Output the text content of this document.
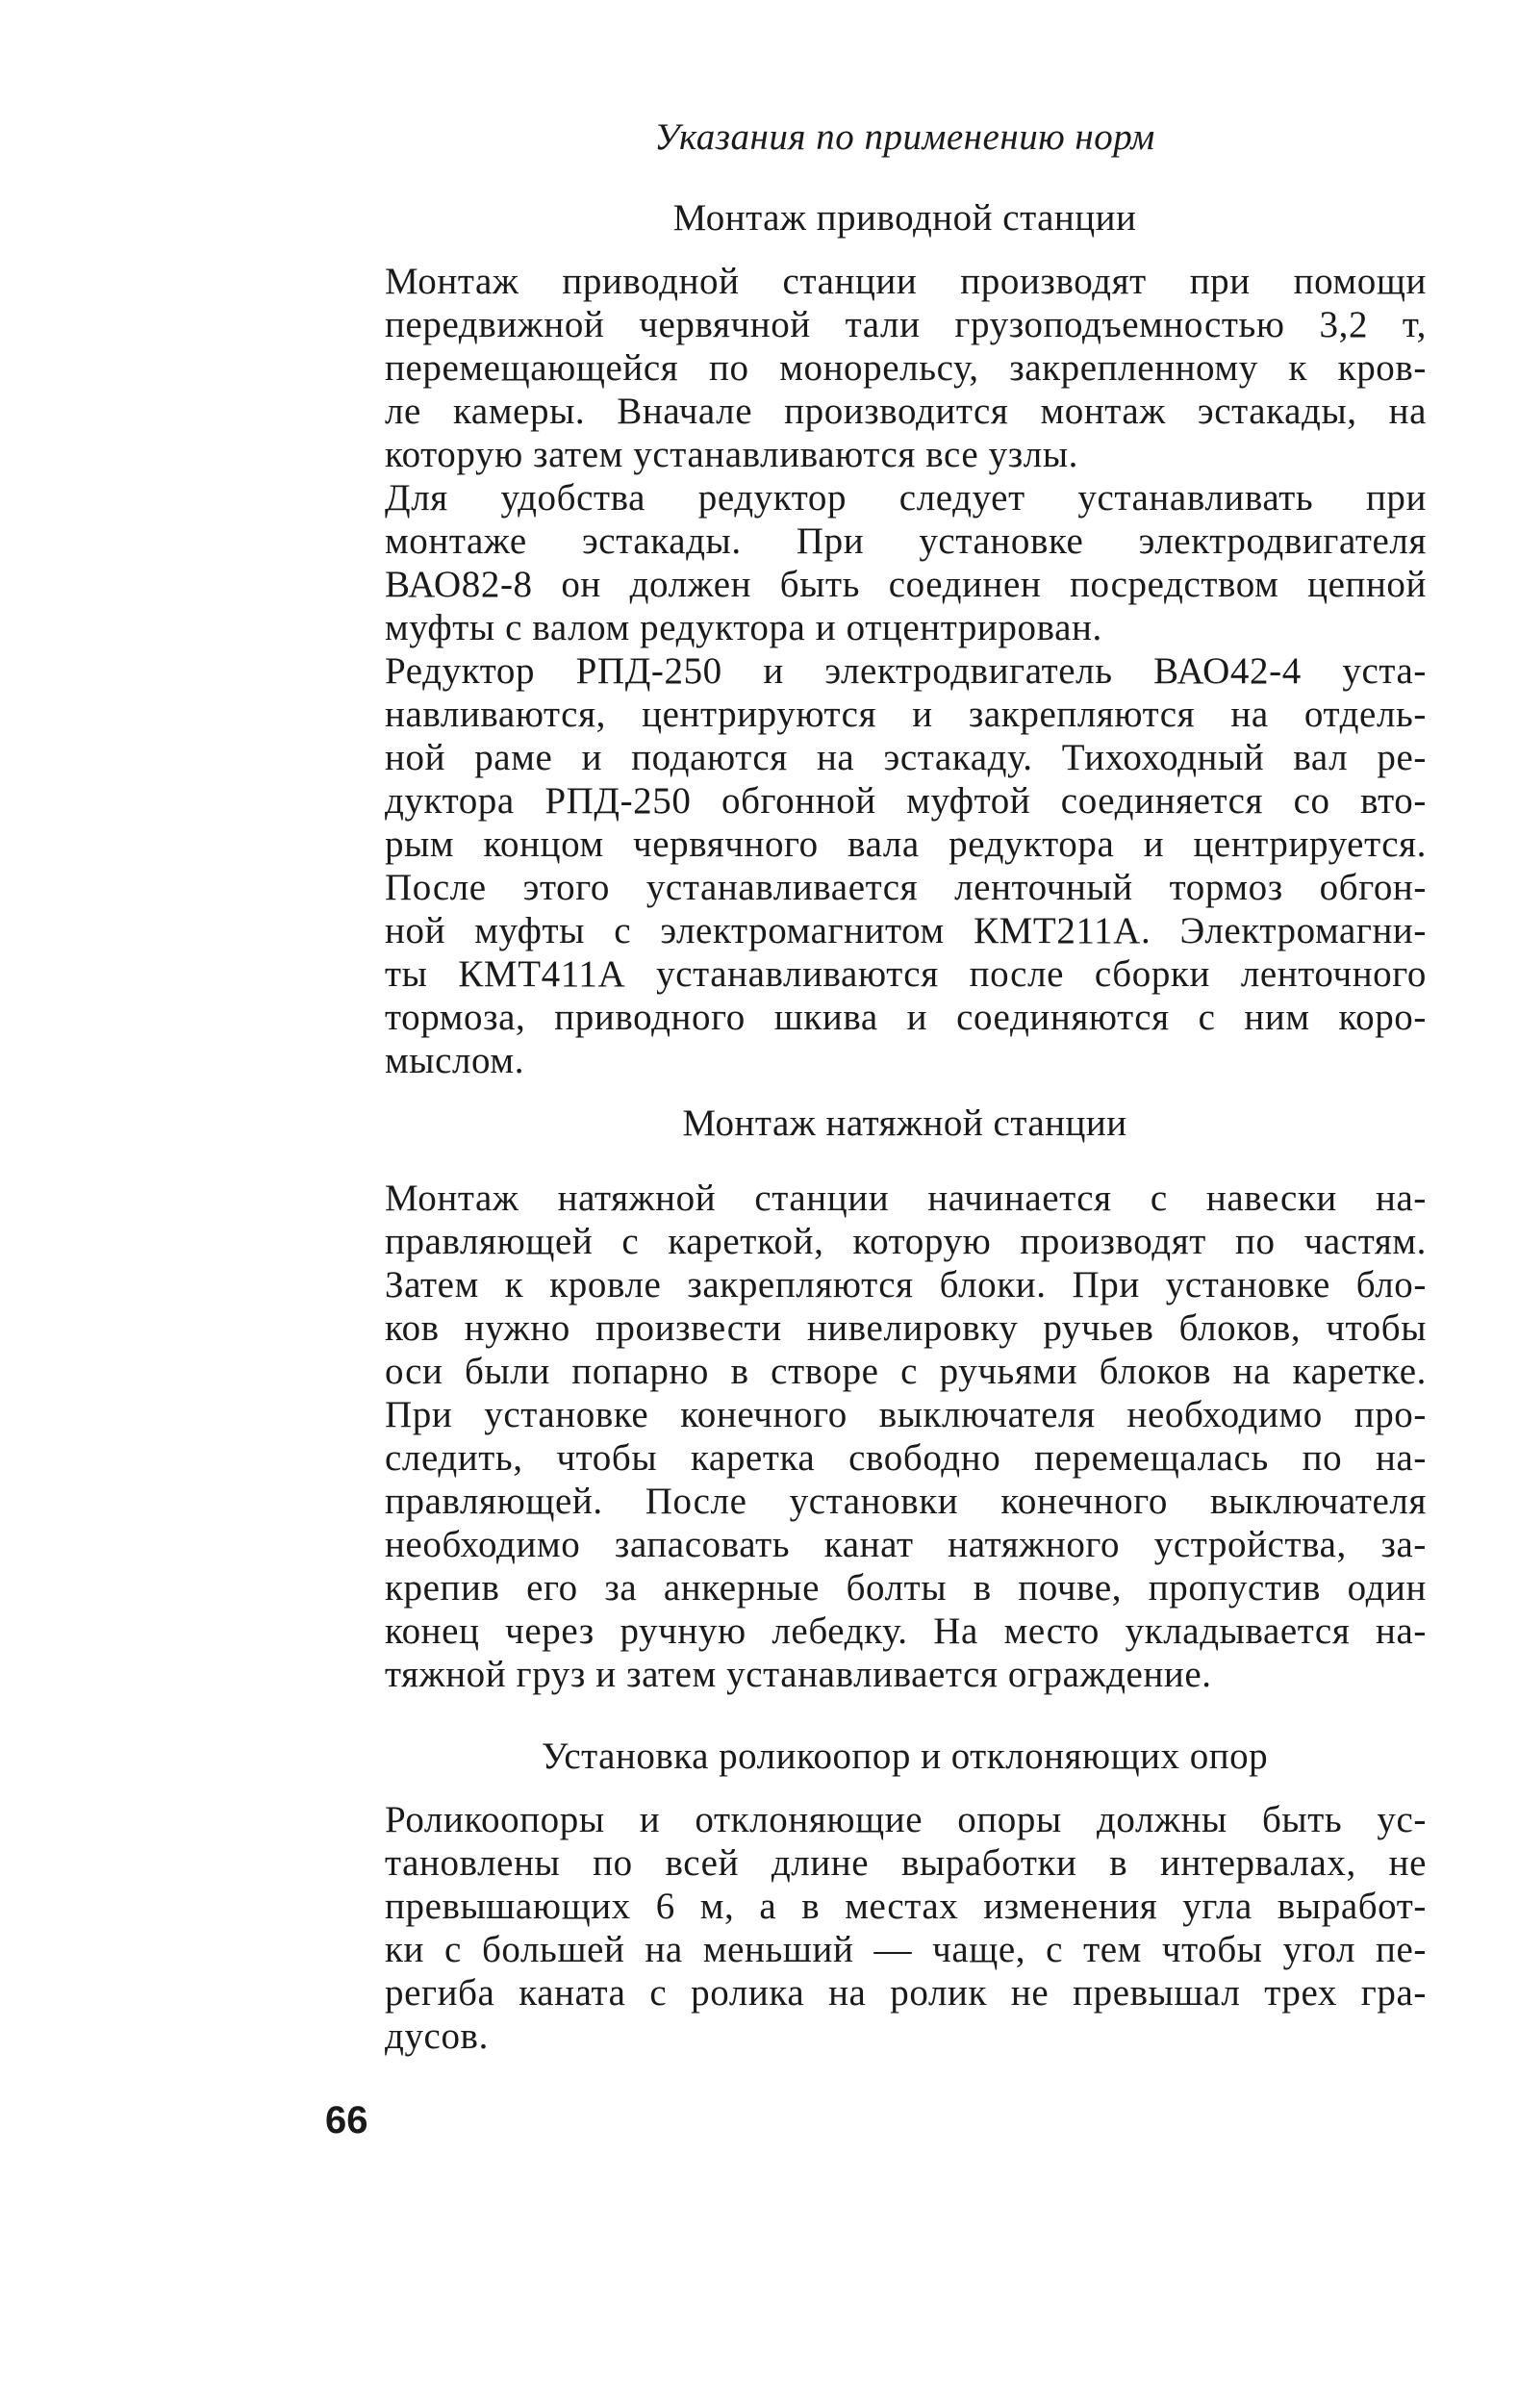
Указания по применению норм
Монтаж приводной станции
Монтаж приводной станции производят при помощи
передвижной червячной тали грузоподъемностью 3,2 т,
перемещающейся по монорельсу, закрепленному к кров-
ле камеры. Вначале производится монтаж эстакады, на
которую затем устанавливаются все узлы.
Для удобства редуктор следует устанавливать при
монтаже эстакады. При установке электродвигателя
ВАО82-8 он должен быть соединен посредством цепной
муфты с валом редуктора и отцентрирован.
Редуктор РПД-250 и электродвигатель ВАО42-4 уста-
навливаются, центрируются и закрепляются на отдель-
ной раме и подаются на эстакаду. Тихоходный вал ре-
дуктора РПД-250 обгонной муфтой соединяется со вто-
рым концом червячного вала редуктора и центрируется.
После этого устанавливается ленточный тормоз обгон-
ной муфты с электромагнитом КМТ211А. Электромагни-
ты КМТ411А устанавливаются после сборки ленточного
тормоза, приводного шкива и соединяются с ним коро-
мыслом.
Монтаж натяжной станции
Монтаж натяжной станции начинается с навески на-
правляющей с кареткой, которую производят по частям.
Затем к кровле закрепляются блоки. При установке бло-
ков нужно произвести нивелировку ручьев блоков, чтобы
оси были попарно в створе с ручьями блоков на каретке.
При установке конечного выключателя необходимо про-
следить, чтобы каретка свободно перемещалась по на-
правляющей. После установки конечного выключателя
необходимо запасовать канат натяжного устройства, за-
крепив его за анкерные болты в почве, пропустив один
конец через ручную лебедку. На место укладывается на-
тяжной груз и затем устанавливается ограждение.
Установка роликоопор и отклоняющих опор
Роликоопоры и отклоняющие опоры должны быть ус-
тановлены по всей длине выработки в интервалах, не
превышающих 6 м, а в местах изменения угла выработ-
ки с большей на меньший — чаще, с тем чтобы угол пе-
региба каната с ролика на ролик не превышал трех гра-
дусов.
66
